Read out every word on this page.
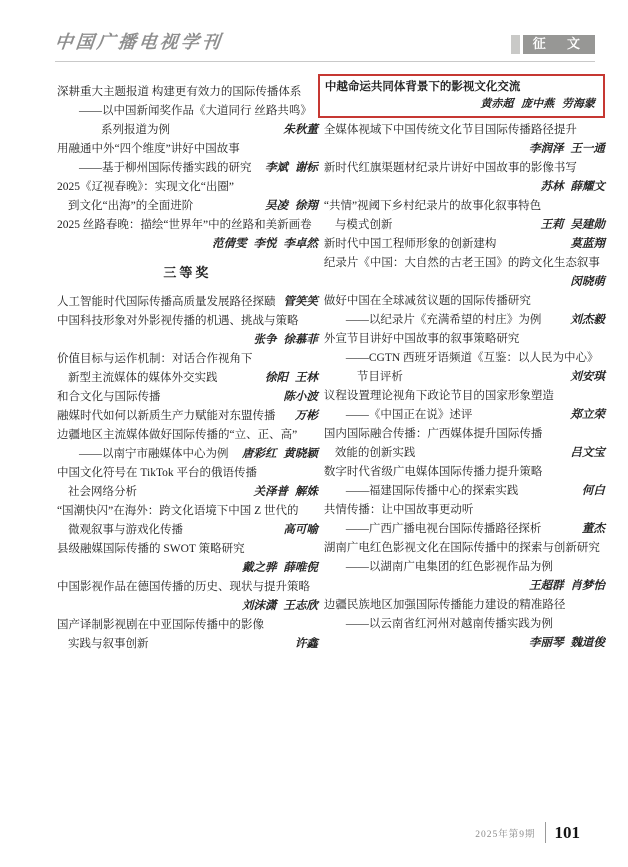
中国广播电视学刊	征 文
深耕重大主题报道 构建更有效力的国际传播体系
——以中国新闻奖作品《大道同行 丝路共鸣》
系列报道为例	朱秋董
用融通中外“四个维度”讲好中国故事
——基于柳州国际传播实践的研究	李斌 谢标
2025《辽视春晚》：实现文化“出圈”
到文化“出海”的全面进阶	吴凌 徐翔
2025 丝路春晚：描绘“世界年”中的丝路和美新画卷
范倩雯 李悦 李卓然
三等奖
人工智能时代国际传播高质量发展路径探赜 管笑笑
中国科技形象对外影视传播的机遇、挑战与策略
张争 徐慕菲
价值目标与运作机制：对话合作视角下
新型主流媒体的媒体外交实践	徐阳 王林
和合文化与国际传播	陈小波
融媒时代如何以新质生产力赋能对东盟传播	万彬
边疆地区主流媒体做好国际传播的“立、正、高”
——以南宁市融媒体中心为例	唐彩红 黄晓颖
中国文化符号在 TikTok 平台的俄语传播
社会网络分析	关泽普 解姝
“国潮快闪”在海外：跨文化语境下中国 Z 世代的
微观叙事与游戏化传播	高可喻
县级融媒国际传播的 SWOT 策略研究
戴之骅 薛唯倪
中国影视作品在德国传播的历史、现状与提升策略
刘沫潇 王志欣
国产译制影视剧在中亚国际传播中的影像
实践与叙事创新	许鑫
中越命运共同体背景下的影视文化交流
黄赤超 庞中燕 劳海蒙
全媒体视域下中国传统文化节目国际传播路径提升
李润泽 王一通
新时代红旗渠题材纪录片讲好中国故事的影像书写
苏林 薛耀文
“共情”视阈下乡村纪录片的故事化叙事特色
与模式创新	王莉 吴建勋
新时代中国工程师形象的创新建构	莫蓝翔
纪录片《中国：大自然的古老王国》的跨文化生态叙事
闵晓萌
做好中国在全球减贫议题的国际传播研究
——以纪录片《充满希望的村庄》为例	刘杰毅
外宣节目讲好中国故事的叙事策略研究
——CGTN 西班牙语频道《互鉴：以人民为中心》
节目评析	刘安琪
议程设置理论视角下政论节目的国家形象塑造
——《中国正在说》述评	郑立荣
国内国际融合传播：广西媒体提升国际传播
效能的创新实践	吕文宝
数字时代省级广电媒体国际传播力提升策略
——福建国际传播中心的探索实践	何白
共情传播：让中国故事更动听
——广西广播电视台国际传播路径探析	董杰
湖南广电红色影视文化在国际传播中的探索与创新研究
——以湖南广电集团的红色影视作品为例
王超群 肖梦怡
边疆民族地区加强国际传播能力建设的精准路径
——以云南省红河州对越南传播实践为例
李丽琴 魏道俊
2025年第9期 101
